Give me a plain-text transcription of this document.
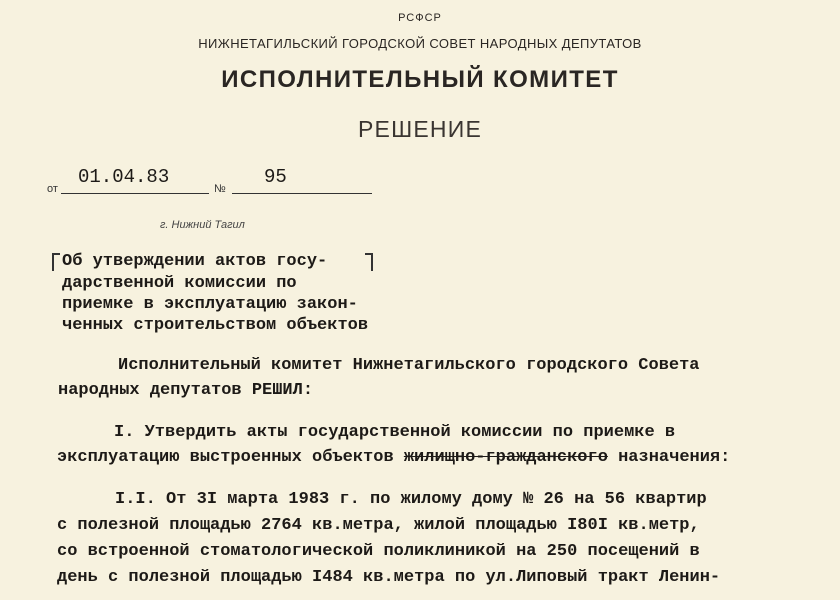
РСФСР
НИЖНЕТАГИЛЬСКИЙ ГОРОДСКОЙ СОВЕТ НАРОДНЫХ ДЕПУТАТОВ
ИСПОЛНИТЕЛЬНЫЙ КОМИТЕТ
РЕШЕНИЕ
от
01.04.83
№
95
г. Нижний Тагил
Об утверждении актов госу-
дарственной комиссии по
приемке в эксплуатацию закон-
ченных строительством объектов
Исполнительный комитет Нижнетагильского городского Совета
народных депутатов РЕШИЛ:
I. Утвердить акты государственной комиссии по приемке в
эксплуатацию выстроенных объектов жилищно-гражданского назначения:
I.I. От 3I марта 1983 г. по жилому дому № 26 на 56 квартир
с полезной площадью 2764 кв.метра, жилой площадью I80I кв.метр,
со встроенной стоматологической поликлиникой на 250 посещений в
день с полезной площадью I484 кв.метра по ул.Липовый тракт Ленин-
